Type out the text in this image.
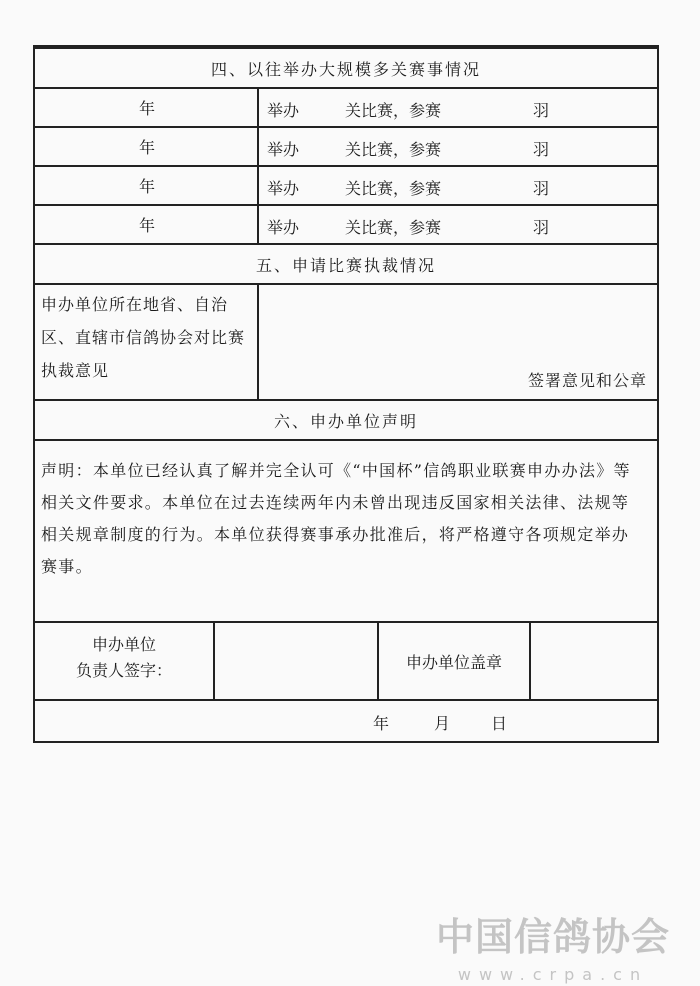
四、以往举办大规模多关赛事情况
年	举办	关比赛，参赛	羽
年	举办	关比赛，参赛	羽
年	举办	关比赛，参赛	羽
年	举办	关比赛，参赛	羽
五、申请比赛执裁情况
申办单位所在地省、自治区、直辖市信鸽协会对比赛执裁意见
签署意见和公章
六、申办单位声明

声明：本单位已经认真了解并完全认可《“中国杯”信鸽职业联赛申办办法》等相关文件要求。本单位在过去连续两年内未曾出现违反国家相关法律、法规等相关规章制度的行为。本单位获得赛事承办批准后，将严格遵守各项规定举办赛事。

申办单位
负责人签字：	申办单位盖章
年	月	日
中国信鸽协会
www.crpa.cn
